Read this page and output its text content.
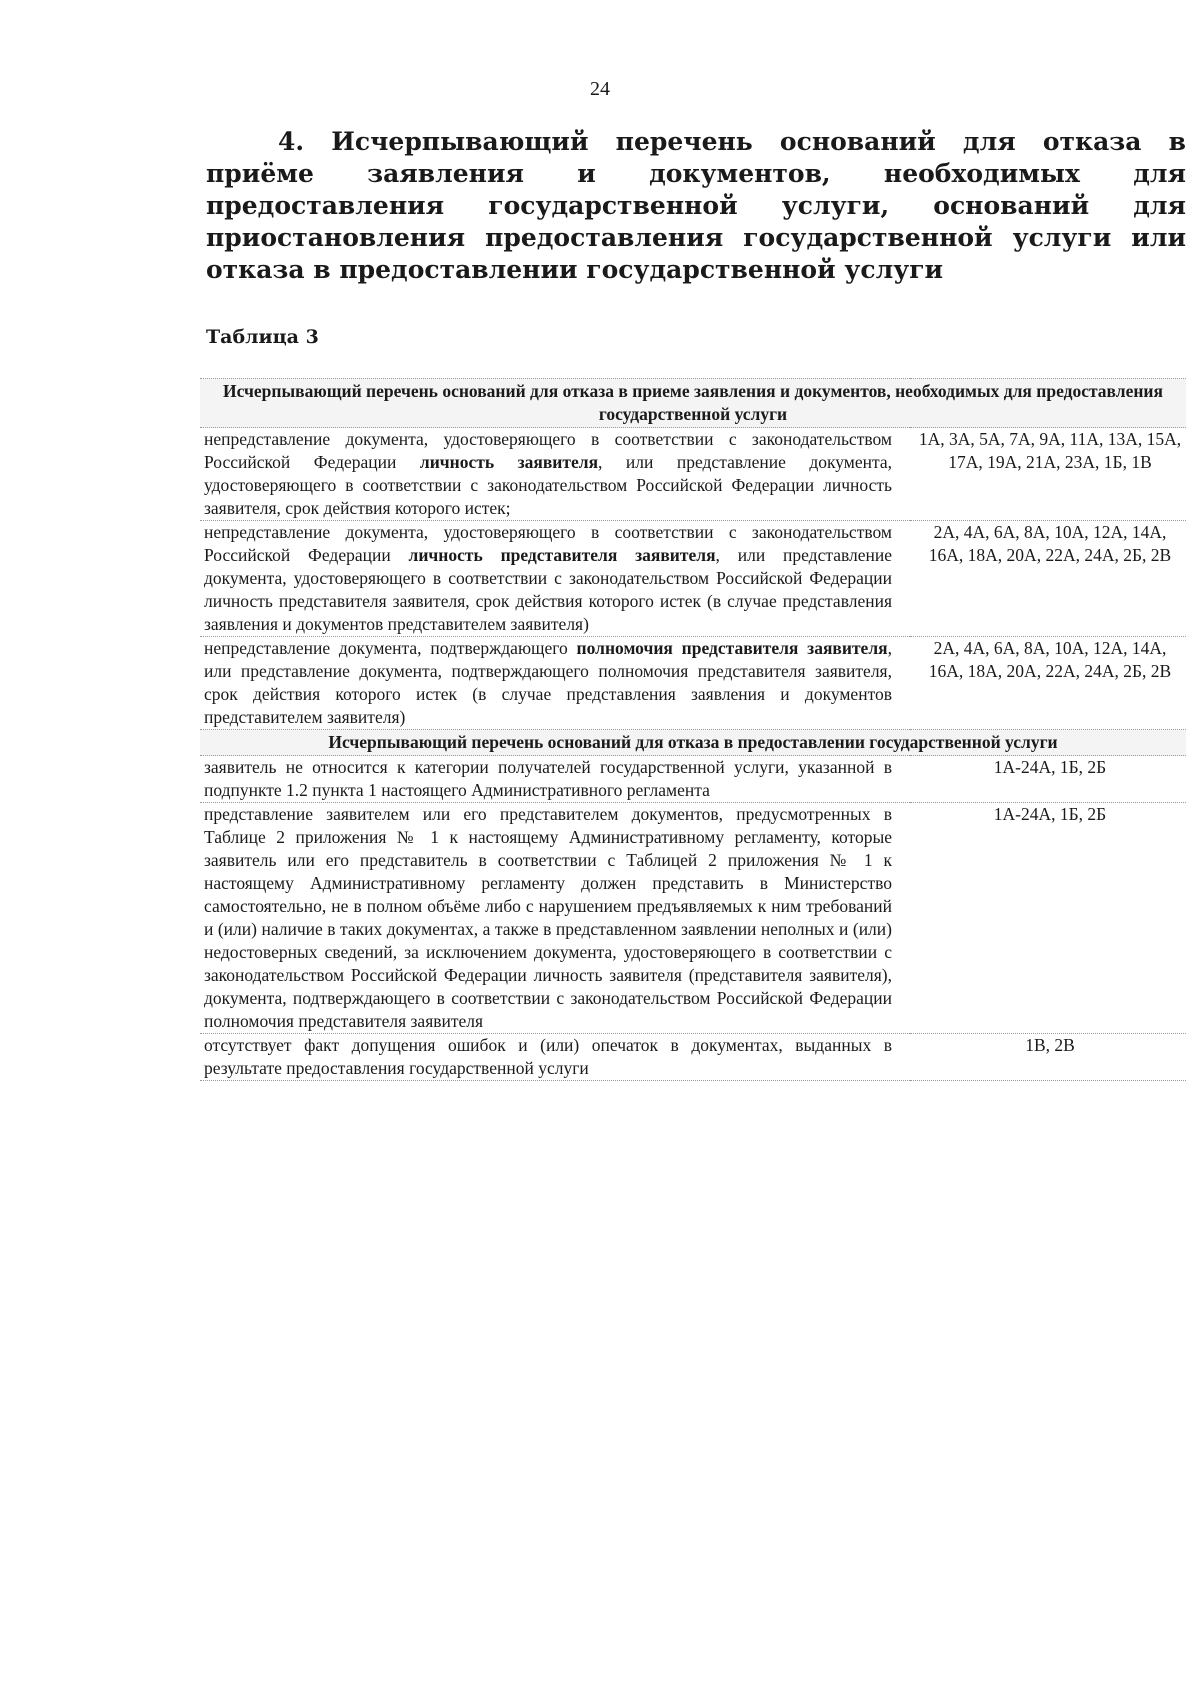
24
4. Исчерпывающий перечень оснований для отказа в приёме заявления и документов, необходимых для предоставления государственной услуги, оснований для приостановления предоставления государственной услуги или отказа в предоставлении государственной услуги
Таблица 3
Исчерпывающий перечень оснований для отказа в приеме заявления и документов, необходимых для предоставления государственной услуги	
непредставление документа, удостоверяющего в соответствии с законодательством Российской Федерации личность заявителя, или представление документа, удостоверяющего в соответствии с законодательством Российской Федерации личность заявителя, срок действия которого истек;	1А, 3А, 5А, 7А, 9А, 11А, 13А, 15А, 17А, 19А, 21А, 23А, 1Б, 1В
непредставление документа, удостоверяющего в соответствии с законодательством Российской Федерации личность представителя заявителя, или представление документа, удостоверяющего в соответствии с законодательством Российской Федерации личность представителя заявителя, срок действия которого истек (в случае представления заявления и документов представителем заявителя)	2А, 4А, 6А, 8А, 10А, 12А, 14А, 16А, 18А, 20А, 22А, 24А, 2Б, 2В
непредставление документа, подтверждающего полномочия представителя заявителя, или представление документа, подтверждающего полномочия представителя заявителя, срок действия которого истек (в случае представления заявления и документов представителем заявителя)	2А, 4А, 6А, 8А, 10А, 12А, 14А, 16А, 18А, 20А, 22А, 24А, 2Б, 2В
Исчерпывающий перечень оснований для отказа в предоставлении государственной услуги	
заявитель не относится к категории получателей государственной услуги, указанной в подпункте 1.2 пункта 1 настоящего Административного регламента	1А-24А, 1Б, 2Б
представление заявителем или его представителем документов, предусмотренных в Таблице 2 приложения № 1 к настоящему Административному регламенту, которые заявитель или его представитель в соответствии с Таблицей 2 приложения № 1 к настоящему Административному регламенту должен представить в Министерство самостоятельно, не в полном объёме либо с нарушением предъявляемых к ним требований и (или) наличие в таких документах, а также в представленном заявлении неполных и (или) недостоверных сведений, за исключением документа, удостоверяющего в соответствии с законодательством Российской Федерации личность заявителя (представителя заявителя), документа, подтверждающего в соответствии с законодательством Российской Федерации полномочия представителя заявителя	1А-24А, 1Б, 2Б
отсутствует факт допущения ошибок и (или) опечаток в документах, выданных в результате предоставления государственной услуги	1В, 2В
